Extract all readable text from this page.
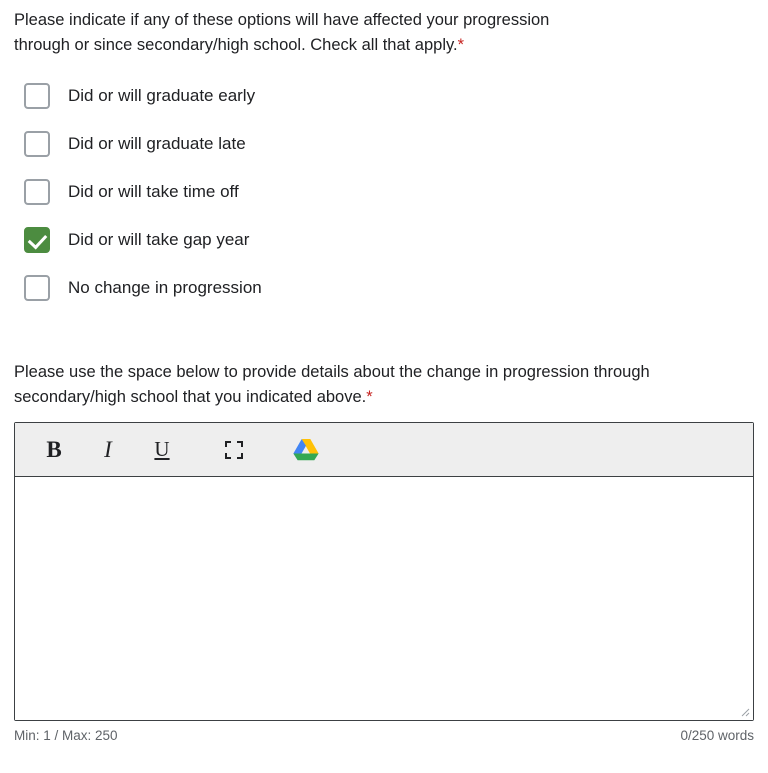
Please indicate if any of these options will have affected your progression
through or since secondary/high school. Check all that apply.*
Did or will graduate early
Did or will graduate late
Did or will take time off
Did or will take gap year
No change in progression
Please use the space below to provide details about the change in progression through
secondary/high school that you indicated above.*
B	I	U
Min: 1 / Max: 250	0/250 words
